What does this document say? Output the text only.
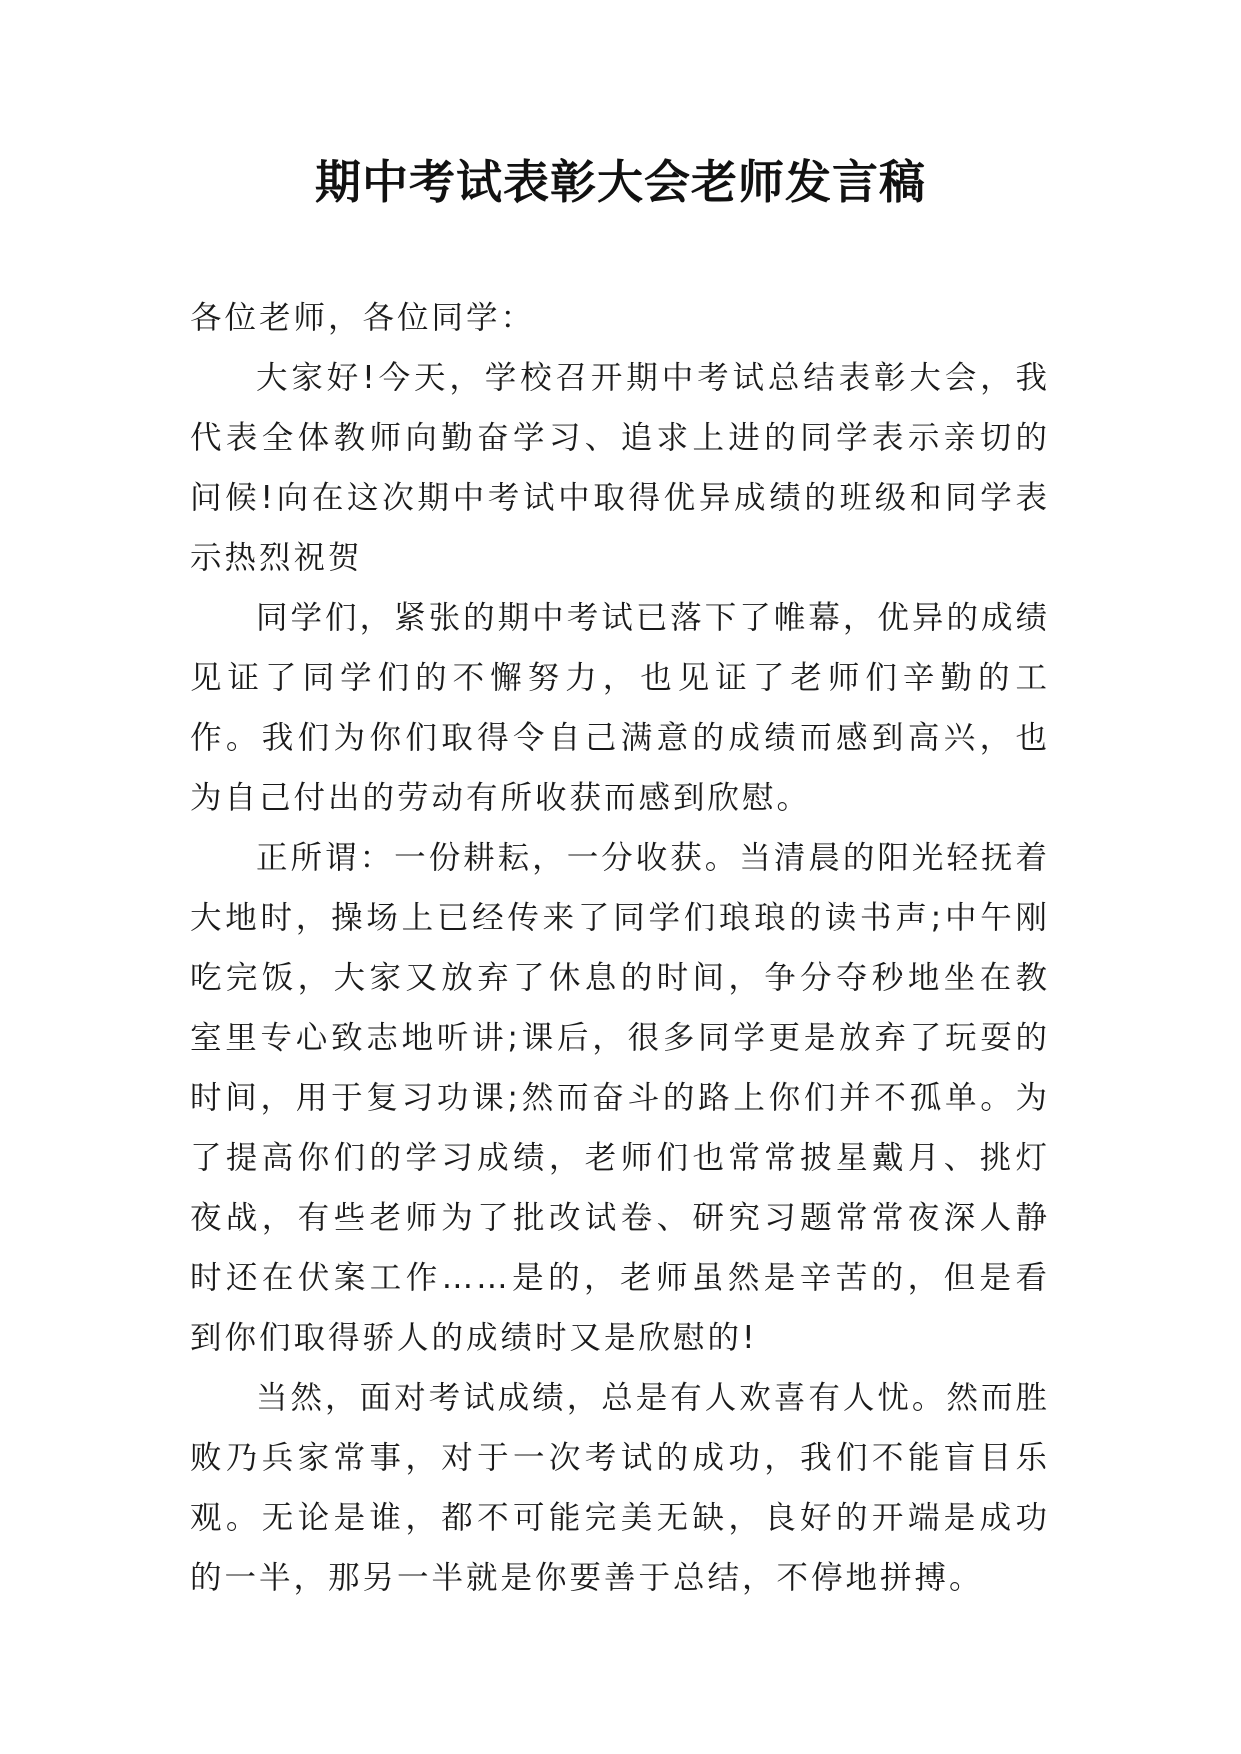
期中考试表彰大会老师发言稿

各位老师，各位同学：

大家好!今天，学校召开期中考试总结表彰大会，我代表全体教师向勤奋学习、追求上进的同学表示亲切的问候!向在这次期中考试中取得优异成绩的班级和同学表示热烈祝贺

同学们，紧张的期中考试已落下了帷幕，优异的成绩见证了同学们的不懈努力，也见证了老师们辛勤的工作。我们为你们取得令自己满意的成绩而感到高兴，也为自己付出的劳动有所收获而感到欣慰。

正所谓：一份耕耘，一分收获。当清晨的阳光轻抚着大地时，操场上已经传来了同学们琅琅的读书声;中午刚吃完饭，大家又放弃了休息的时间，争分夺秒地坐在教室里专心致志地听讲;课后，很多同学更是放弃了玩耍的时间，用于复习功课;然而奋斗的路上你们并不孤单。为了提高你们的学习成绩，老师们也常常披星戴月、挑灯夜战，有些老师为了批改试卷、研究习题常常夜深人静时还在伏案工作……是的，老师虽然是辛苦的，但是看到你们取得骄人的成绩时又是欣慰的!

当然，面对考试成绩，总是有人欢喜有人忧。然而胜败乃兵家常事，对于一次考试的成功，我们不能盲目乐观。无论是谁，都不可能完美无缺，良好的开端是成功的一半，那另一半就是你要善于总结，不停地拼搏。
